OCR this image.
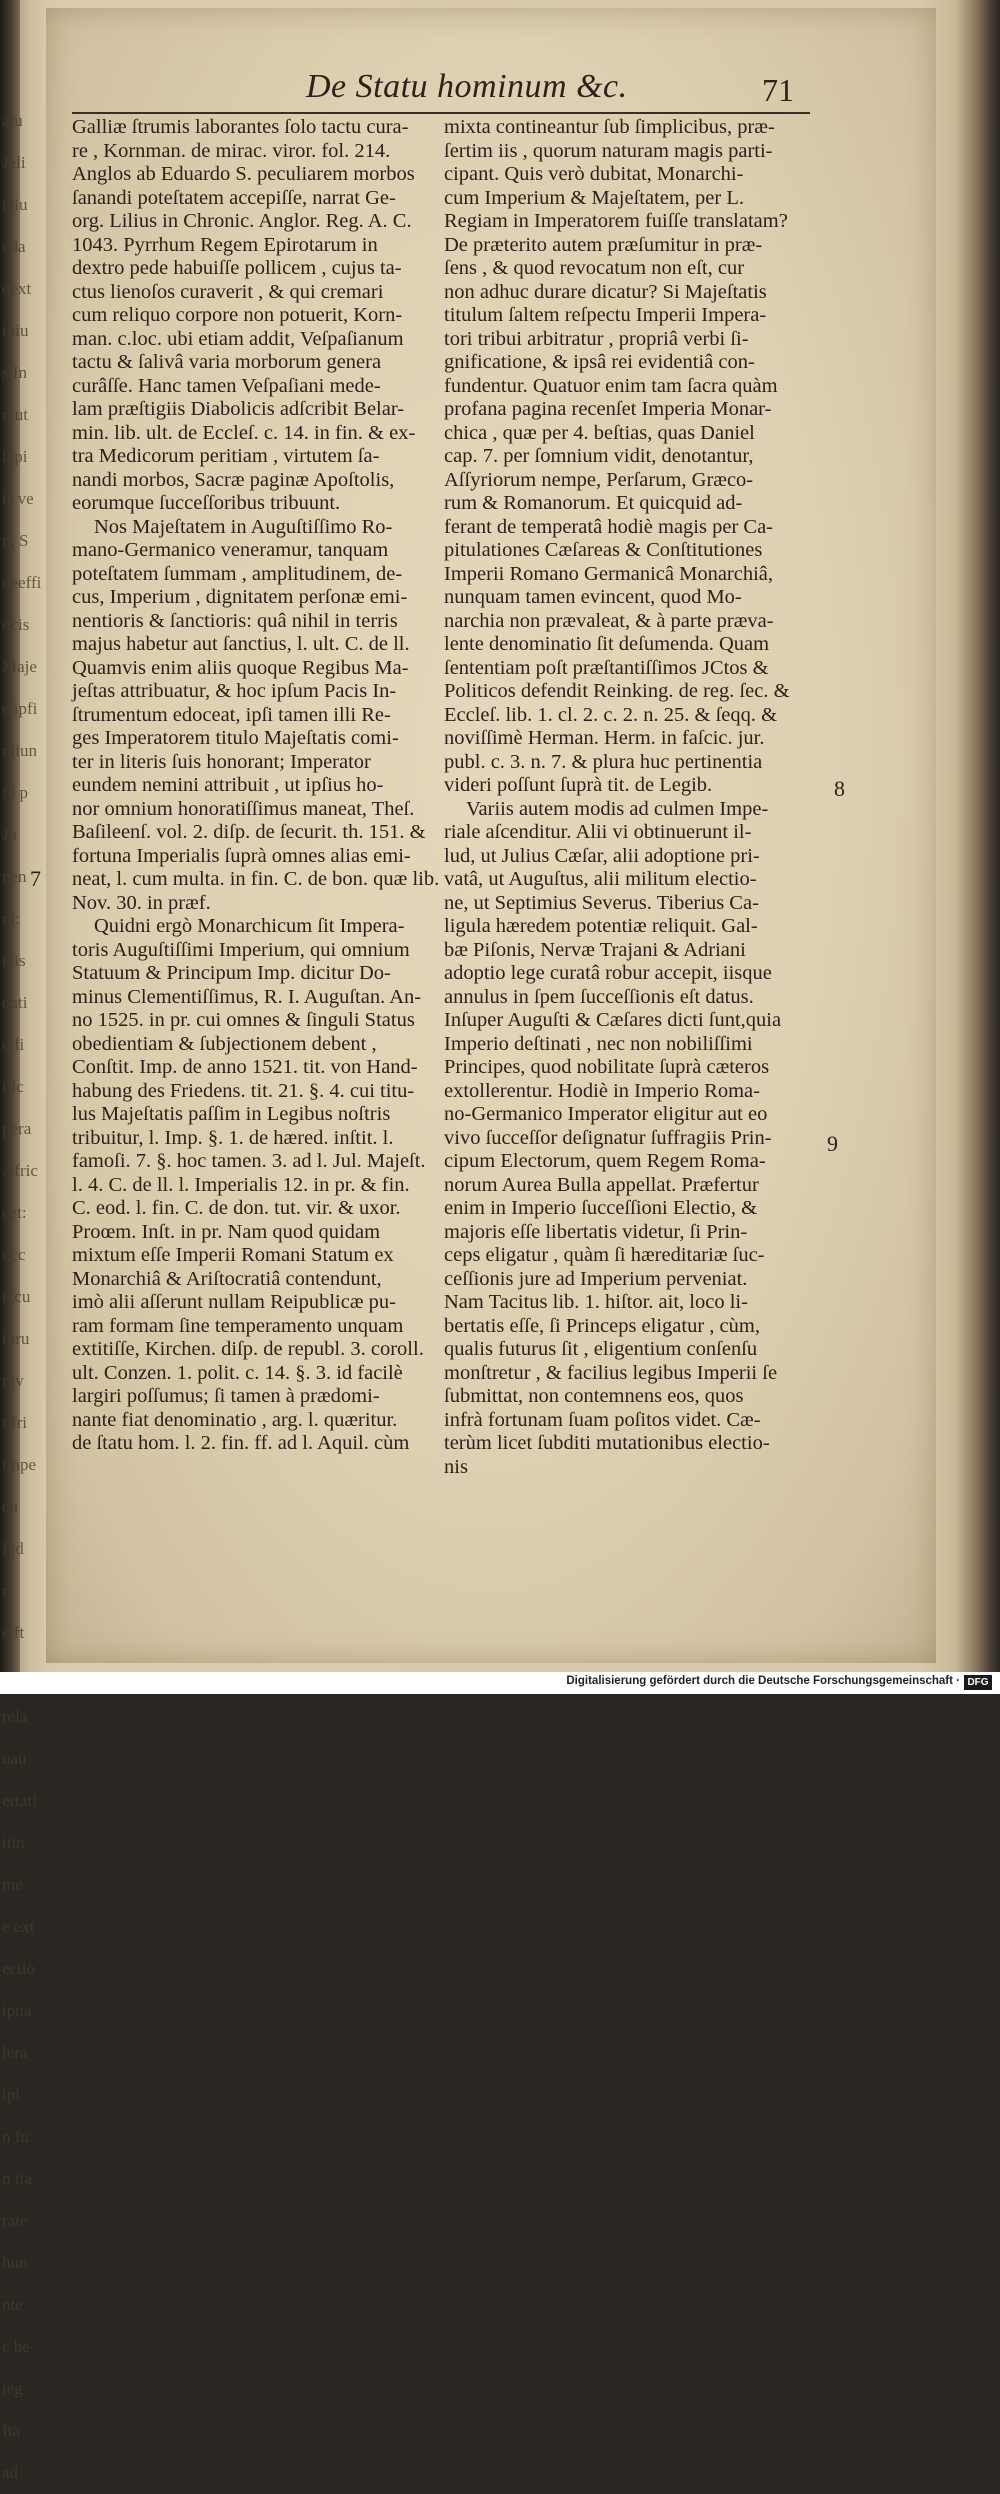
atu
Jeli
ieiu
eda
dext
tuiu
s In
n ut
lapi
is ve
n, S
deeffi
ocis
Maje
e ipfi
ntiun
fe p
Ju
nen
nt:
icis
enti
o li
ilic
pera
Afric
cet:
ucc
iccu
ioru
rav
t fri
impe
cu
fed
r
e ft
rela
uau
ertati
itin
me
e ext
ectio
ipua
lera
ipi
n fu
n ita
rate
hun
nte
e he
ieg
Ita
ad
De Statu hominum &c.	71
Galliæ ſtrumis laborantes ſolo tactu cura-
re , Kornman. de mirac. viror. fol. 214.
Anglos ab Eduardo S. peculiarem morbos
ſanandi poteſtatem accepiſſe, narrat Ge-
org. Lilius in Chronic. Anglor. Reg. A. C.
1043. Pyrrhum Regem Epirotarum in
dextro pede habuiſſe pollicem , cujus ta-
ctus lienoſos curaverit , & qui cremari
cum reliquo corpore non potuerit, Korn-
man. c.loc. ubi etiam addit, Veſpaſianum
tactu & ſalivâ varia morborum genera
curâſſe. Hanc tamen Veſpaſiani mede-
lam præſtigiis Diabolicis adſcribit Belar-
min. lib. ult. de Eccleſ. c. 14. in fin. & ex-
tra Medicorum peritiam , virtutem ſa-
nandi morbos, Sacræ paginæ Apoſtolis,
eorumque ſucceſſoribus tribuunt.
Nos Majeſtatem in Auguſtiſſimo Ro-
mano-Germanico veneramur, tanquam
poteſtatem ſummam , amplitudinem, de-
cus, Imperium , dignitatem perſonæ emi-
nentioris & ſanctioris: quâ nihil in terris
majus habetur aut ſanctius, l. ult. C. de ll.
Quamvis enim aliis quoque Regibus Ma-
jeſtas attribuatur, & hoc ipſum Pacis In-
ſtrumentum edoceat, ipſi tamen illi Re-
ges Imperatorem titulo Majeſtatis comi-
ter in literis ſuis honorant; Imperator
eundem nemini attribuit , ut ipſius ho-
nor omnium honoratiſſimus maneat, Theſ.
Baſileenſ. vol. 2. diſp. de ſecurit. th. 151. &
fortuna Imperialis ſuprà omnes alias emi-
neat, l. cum multa. in fin. C. de bon. quæ lib.
Nov. 30. in præf.
Quidni ergò Monarchicum ſit Impera-
toris Auguſtiſſimi Imperium, qui omnium
Statuum & Principum Imp. dicitur Do-
minus Clementiſſimus, R. I. Auguſtan. An-
no 1525. in pr. cui omnes & ſinguli Status
obedientiam & ſubjectionem debent ,
Conſtit. Imp. de anno 1521. tit. von Hand-
habung des Friedens. tit. 21. §. 4. cui titu-
lus Majeſtatis paſſim in Legibus noſtris
tribuitur, l. Imp. §. 1. de hæred. inſtit. l.
famoſi. 7. §. hoc tamen. 3. ad l. Jul. Majeſt.
l. 4. C. de ll. l. Imperialis 12. in pr. & fin.
C. eod. l. fin. C. de don. tut. vir. & uxor.
Proœm. Inſt. in pr. Nam quod quidam
mixtum eſſe Imperii Romani Statum ex
Monarchiâ & Ariſtocratiâ contendunt,
imò alii aſſerunt nullam Reipublicæ pu-
ram formam ſine temperamento unquam
extitiſſe, Kirchen. diſp. de republ. 3. coroll.
ult. Conzen. 1. polit. c. 14. §. 3. id facilè
largiri poſſumus; ſi tamen à prædomi-
nante fiat denominatio , arg. l. quæritur.
de ſtatu hom. l. 2. fin. ff. ad l. Aquil. cùm
mixta contineantur ſub ſimplicibus, præ-
ſertim iis , quorum naturam magis parti-
cipant. Quis verò dubitat, Monarchi-
cum Imperium & Majeſtatem, per L.
Regiam in Imperatorem fuiſſe translatam?
De præterito autem præſumitur in præ-
ſens , & quod revocatum non eſt, cur
non adhuc durare dicatur? Si Majeſtatis
titulum ſaltem reſpectu Imperii Impera-
tori tribui arbitratur , propriâ verbi ſi-
gnificatione, & ipsâ rei evidentiâ con-
fundentur. Quatuor enim tam ſacra quàm
profana pagina recenſet Imperia Monar-
chica , quæ per 4. beſtias, quas Daniel
cap. 7. per ſomnium vidit, denotantur,
Aſſyriorum nempe, Perſarum, Græco-
rum & Romanorum. Et quicquid ad-
ferant de temperatâ hodiè magis per Ca-
pitulationes Cæſareas & Conſtitutiones
Imperii Romano Germanicâ Monarchiâ,
nunquam tamen evincent, quod Mo-
narchia non prævaleat, & à parte præva-
lente denominatio ſit deſumenda. Quam
ſententiam poſt præſtantiſſimos JCtos &
Politicos defendit Reinking. de reg. ſec. &
Eccleſ. lib. 1. cl. 2. c. 2. n. 25. & ſeqq. &
noviſſimè Herman. Herm. in faſcic. jur.
publ. c. 3. n. 7. & plura huc pertinentia
videri poſſunt ſuprà tit. de Legib.
Variis autem modis ad culmen Impe-
riale aſcenditur. Alii vi obtinuerunt il-
lud, ut Julius Cæſar, alii adoptione pri-
vatâ, ut Auguſtus, alii militum electio-
ne, ut Septimius Severus. Tiberius Ca-
ligula hæredem potentiæ reliquit. Gal-
bæ Piſonis, Nervæ Trajani & Adriani
adoptio lege curatâ robur accepit, iisque
annulus in ſpem ſucceſſionis eſt datus.
Inſuper Auguſti & Cæſares dicti ſunt,quia
Imperio deſtinati , nec non nobiliſſimi
Principes, quod nobilitate ſuprà cæteros
extollerentur. Hodiè in Imperio Roma-
no-Germanico Imperator eligitur aut eo
vivo ſucceſſor deſignatur ſuffragiis Prin-
cipum Electorum, quem Regem Roma-
norum Aurea Bulla appellat. Præfertur
enim in Imperio ſucceſſioni Electio, &
majoris eſſe libertatis videtur, ſi Prin-
ceps eligatur , quàm ſi hæreditariæ ſuc-
ceſſionis jure ad Imperium perveniat.
Nam Tacitus lib. 1. hiſtor. ait, loco li-
bertatis eſſe, ſi Princeps eligatur , cùm,
qualis futurus ſit , eligentium conſenſu
monſtretur , & facilius legibus Imperii ſe
ſubmittat, non contemnens eos, quos
infrà fortunam ſuam poſitos videt. Cæ-
terùm licet ſubditi mutationibus electio-
nis
7
8
9
Digitalisierung gefördert durch die Deutsche Forschungsgemeinschaft · DFG
